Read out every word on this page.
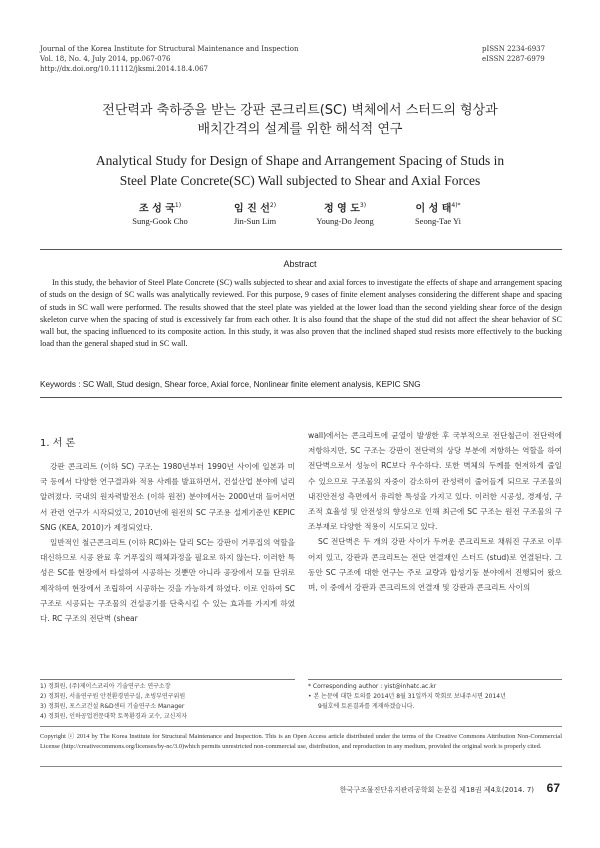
Journal of the Korea Institute for Structural Maintenance and Inspection
Vol. 18, No. 4, July 2014, pp.067-076
http://dx.doi.org/10.11112/jksmi.2014.18.4.067
pISSN 2234-6937
eISSN 2287-6979
전단력과 축하중을 받는 강판 콘크리트(SC) 벽체에서 스터드의 형상과
배치간격의 설계를 위한 해석적 연구
Analytical Study for Design of Shape and Arrangement Spacing of Studs in
Steel Plate Concrete(SC) Wall subjected to Shear and Axial Forces
조 성 국$^{1)}$
Sung-Gook Cho
임 진 선$^{2)}$
Jin-Sun Lim
정 영 도$^{3)}$
Young-Do Jeong
이 성 태$^{4)*}$
Seong-Tae Yi
Abstract
In this study, the behavior of Steel Plate Concrete (SC) walls subjected to shear and axial forces to investigate the effects of shape and arrangement spacing of studs on the design of SC walls was analytically reviewed. For this purpose, 9 cases of finite element analyses considering the different shape and spacing of studs in SC wall were performed. The results showed that the steel plate was yielded at the lower load than the second yielding shear force of the design skeleton curve when the spacing of stud is excessively far from each other. It is also found that the shape of the stud did not affect the shear behavior of SC wall but, the spacing influenced to its composite action. In this study, it was also proven that the inclined shaped stud resists more effectively to the bucking load than the general shaped stud in SC wall.
Keywords : SC Wall, Stud design, Shear force, Axial force, Nonlinear finite element analysis, KEPIC SNG
1. 서 론

강판 콘크리트 (이하 SC) 구조는 1980년부터 1990년 사이에 일본과 미국 등에서 다양한 연구결과와 적용 사례를 발표하면서, 건설산업 분야에 널리 알려졌다. 국내의 원자력발전소 (이하 원전) 분야에서는 2000년대 들어서면서 관련 연구가 시작되었고, 2010년에 원전의 SC 구조용 설계기준인 KEPIC SNG (KEA, 2010)가 제정되었다.

일반적인 철근콘크리트 (이하 RC)와는 달리 SC는 강판이 거푸집의 역할을 대신하므로 시공 완료 후 거푸집의 해체과정을 필요로 하지 않는다. 이러한 특성은 SC를 현장에서 타설하여 시공하는 것뿐만 아니라 공장에서 모듈 단위로 제작하여 현장에서 조립하여 시공하는 것을 가능하게 하였다. 이로 인하여 SC구조로 시공되는 구조물의 건설공기를 단축시킬 수 있는 효과를 가지게 하였다. RC 구조의 전단벽 (shear

wall)에서는 콘크리트에 균열이 발생한 후 국부적으로 전단철근이 전단력에 저항하지만, SC 구조는 강판이 전단력의 상당 부분에 저항하는 역할을 하여 전단벽으로서 성능이 RC보다 우수하다. 또한 벽체의 두께를 현저하게 줄일 수 있으므로 구조물의 자중이 감소하여 관성력이 줄어들게 되므로 구조물의 내진안전성 측면에서 유리한 특성을 가지고 있다. 이러한 시공성, 경제성, 구조적 효율성 및 안전성의 향상으로 인해 최근에 SC 구조는 원전 구조물의 구조부재로 다양한 적용이 시도되고 있다.

SC 전단벽은 두 개의 강판 사이가 두꺼운 콘크리트로 채워진 구조로 이루어져 있고, 강판과 콘크리트는 전단 연결재인 스터드 (stud)로 연결된다. 그 동안 SC 구조에 대한 연구는 주로 교량과 합성기둥 분야에서 진행되어 왔으며, 이 중에서 강판과 콘크리트의 연결재 및 강판과 콘크리트 사이의

1) 정회원, (주)제이스코리아 기술연구소 연구소장
2) 정회원, 서울연구원 안전환경연구실, 초빙부연구위원
3) 정회원, 포스코건설 R&D센터 기술연구소 Manager
4) 정회원, 인하공업전문대학 토목환경과 교수, 교신저자
* Corresponding author : yist@inhatc.ac.kr
• 본 논문에 대한 토의를 2014년 8월 31일까지 학회로 보내주시면 2014년
9월호에 토론결과를 게재하겠습니다.
Copyright ⓒ 2014 by The Korea Institute for Structural Maintenance and Inspection. This is an Open Access article distributed under the terms of the Creative Commons Attribution Non-Commercial License (http://creativecommons.org/licenses/by-nc/3.0)which permits unrestricted non-commercial use, distribution, and reproduction in any medium, provided the original work is properly cited.
한국구조물진단유지관리공학회 논문집 제18권 제4호(2014. 7) 67
